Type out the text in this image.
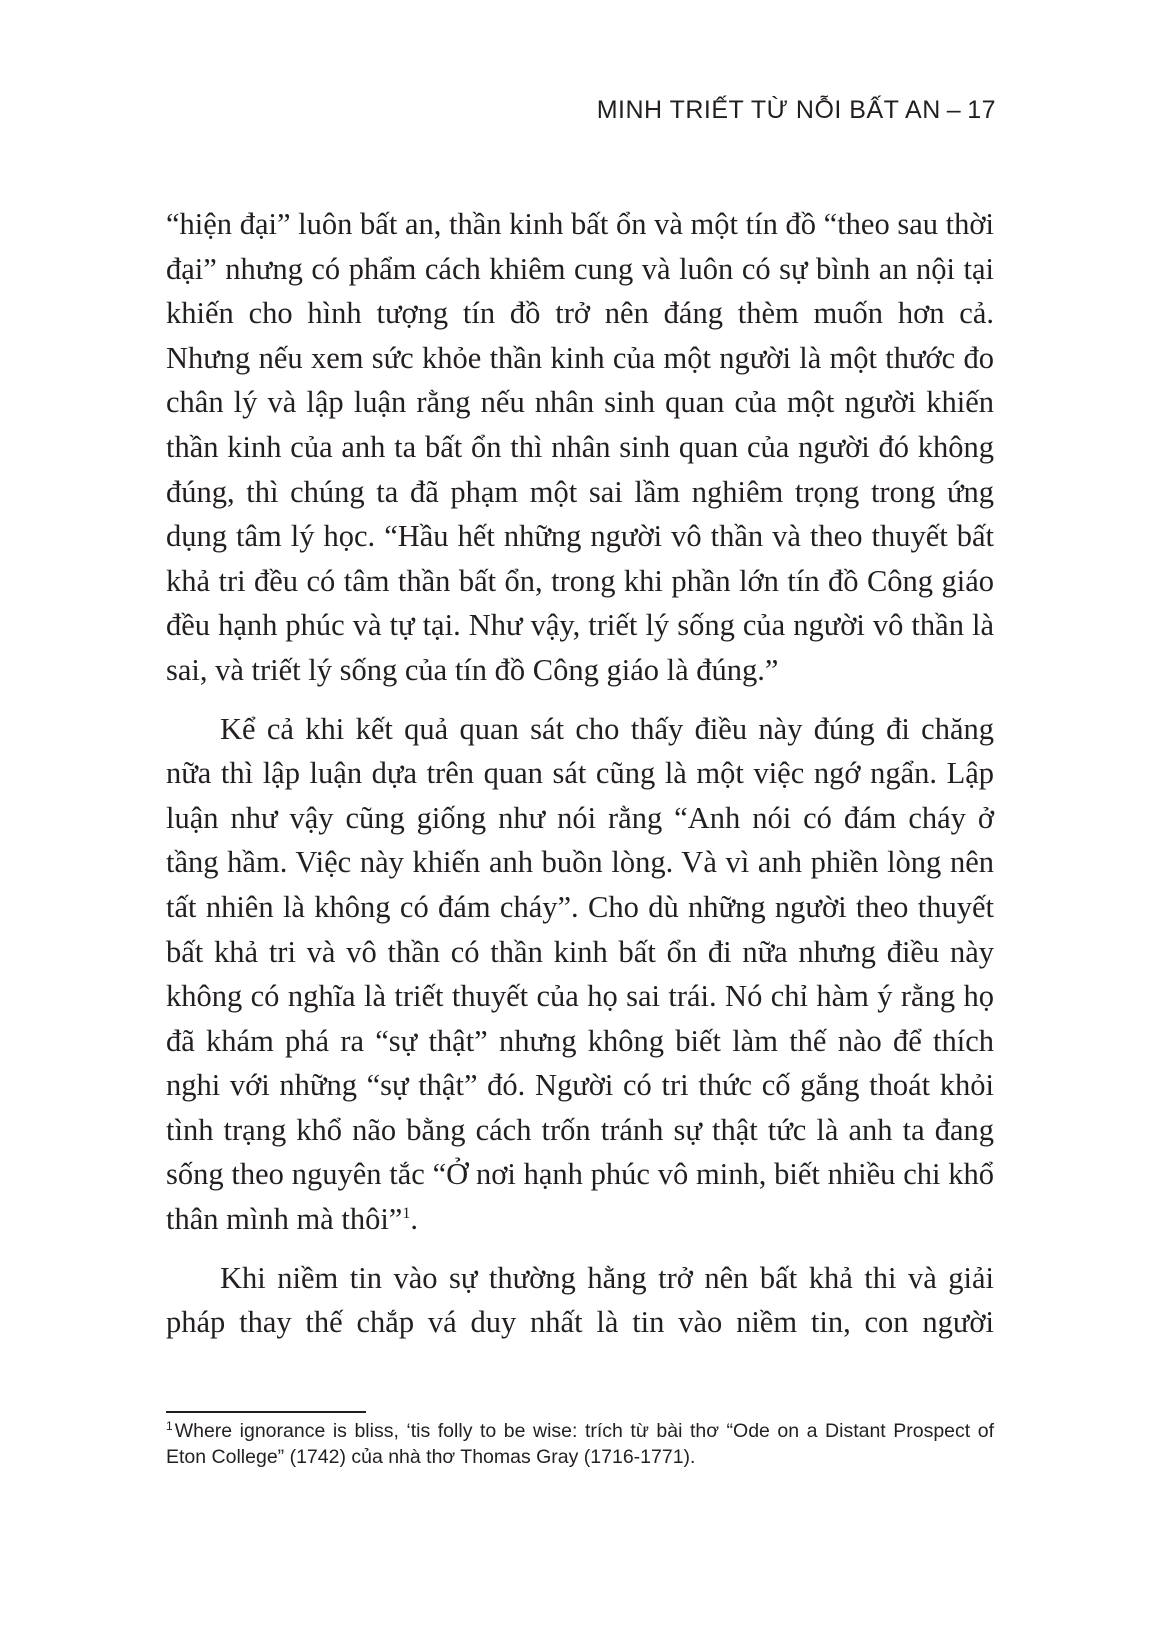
MINH TRIẾT TỪ NỖI BẤT AN – 17

“hiện đại” luôn bất an, thần kinh bất ổn và một tín đồ “theo sau thời đại” nhưng có phẩm cách khiêm cung và luôn có sự bình an nội tại khiến cho hình tượng tín đồ trở nên đáng thèm muốn hơn cả. Nhưng nếu xem sức khỏe thần kinh của một người là một thước đo chân lý và lập luận rằng nếu nhân sinh quan của một người khiến thần kinh của anh ta bất ổn thì nhân sinh quan của người đó không đúng, thì chúng ta đã phạm một sai lầm nghiêm trọng trong ứng dụng tâm lý học. “Hầu hết những người vô thần và theo thuyết bất khả tri đều có tâm thần bất ổn, trong khi phần lớn tín đồ Công giáo đều hạnh phúc và tự tại. Như vậy, triết lý sống của người vô thần là sai, và triết lý sống của tín đồ Công giáo là đúng.”

Kể cả khi kết quả quan sát cho thấy điều này đúng đi chăng nữa thì lập luận dựa trên quan sát cũng là một việc ngớ ngẩn. Lập luận như vậy cũng giống như nói rằng “Anh nói có đám cháy ở tầng hầm. Việc này khiến anh buồn lòng. Và vì anh phiền lòng nên tất nhiên là không có đám cháy”. Cho dù những người theo thuyết bất khả tri và vô thần có thần kinh bất ổn đi nữa nhưng điều này không có nghĩa là triết thuyết của họ sai trái. Nó chỉ hàm ý rằng họ đã khám phá ra “sự thật” nhưng không biết làm thế nào để thích nghi với những “sự thật” đó. Người có tri thức cố gắng thoát khỏi tình trạng khổ não bằng cách trốn tránh sự thật tức là anh ta đang sống theo nguyên tắc “Ở nơi hạnh phúc vô minh, biết nhiều chi khổ thân mình mà thôi”$^1$.

Khi niềm tin vào sự thường hằng trở nên bất khả thi và giải pháp thay thế chắp vá duy nhất là tin vào niềm tin, con người

$^1$ Where ignorance is bliss, ‘tis folly to be wise: trích từ bài thơ “Ode on a Distant Prospect of Eton College” (1742) của nhà thơ Thomas Gray (1716-1771).
